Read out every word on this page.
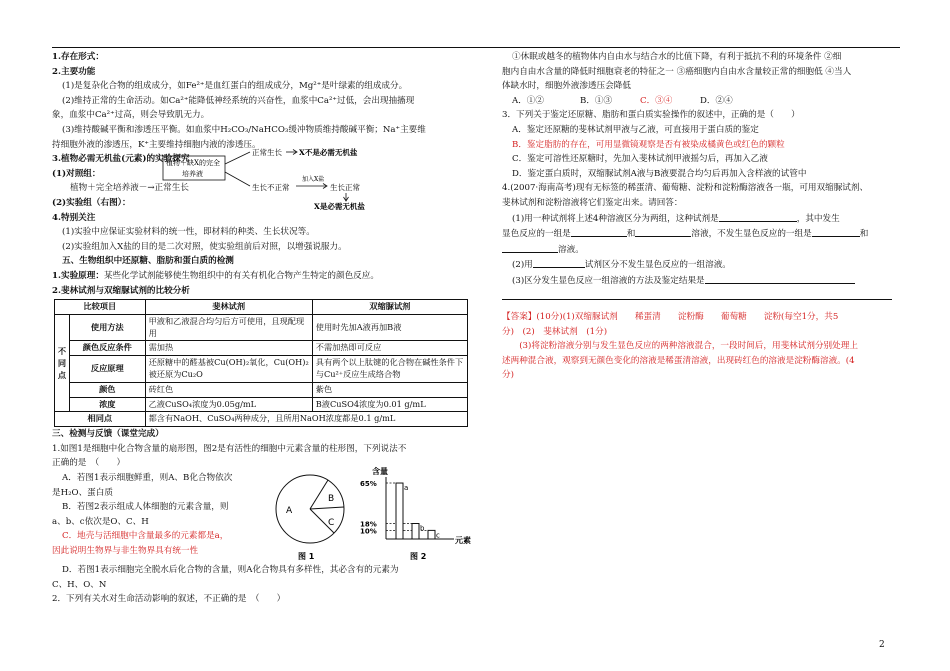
1.存在形式：
2.主要功能
(1)是复杂化合物的组成成分，如Fe²⁺是血红蛋白的组成成分，Mg²⁺是叶绿素的组成成分。
(2)维持正常的生命活动。如Ca²⁺能降低神经系统的兴奋性，血浆中Ca²⁺过低，会出现抽搐现
象，血浆中Ca²⁺过高，则会导致肌无力。
(3)维持酸碱平衡和渗透压平衡。如血浆中H₂CO₃/NaHCO₃缓冲物质维持酸碱平衡；Na⁺主要维
持细胞外液的渗透压，K⁺主要维持细胞内液的渗透压。
3.植物必需无机盐(元素)的实验探究
(1)对照组：
植物＋完全培养液－→正常生长
(2)实验组（右图）：
4.特别关注
(1)实验中应保证实验材料的统一性，即材料的种类、生长状况等。
(2)实验组加入X盐的目的是二次对照，使实验组前后对照，以增强说服力。
五、生物组织中还原糖、脂肪和蛋白质的检测
1.实验原理：某些化学试剂能够使生物组织中的有关有机化合物产生特定的颜色反应。
2.斐林试剂与双缩脲试剂的比较分析
比较项目		斐林试剂	双缩脲试剂
不
同
点	使用方法	甲液和乙液混合均匀后方可使用，且现配现用	使用时先加A液再加B液
	颜色反应条件	需加热	不需加热即可反应
	反应原理	还原糖中的醛基被Cu(OH)₂氧化，Cu(OH)₂被还原为Cu₂O	具有两个以上肽键的化合物在碱性条件下与Cu²⁺反应生成络合物
	颜色	砖红色	紫色
	浓度	乙液CuSO₄浓度为0.05g/mL	B液CuSO4浓度为0.01 g/mL
相同点		都含有NaOH、CuSO₄两种成分，且所用NaOH浓度都是0.1 g/mL	
三、检测与反馈（课堂完成）
1.如图1是细胞中化合物含量的扇形图，图2是有活性的细胞中元素含量的柱形图，下列说法不
正确的是　（　　）
A．若图1表示细胞鲜重，则A、B化合物依次
是H₂O、蛋白质
B．若图2表示组成人体细胞的元素含量，则
a、b、c依次是O、C、H
C．地壳与活细胞中含量最多的元素都是a，
因此说明生物界与非生物界具有统一性
A
B
C
图 1
含量
65%
18%
10%
a
b
c
元素
图 2
D．若图1表示细胞完全脱水后化合物的含量，则A化合物具有多样性，其必含有的元素为
C、H、O、N
2．下列有关水对生命活动影响的叙述，不正确的是　（　　）
植物＋缺X的完全
培养液
正常生长 X不是必需无机盐
生长不正常
加入X盐
生长正常
X是必需无机盐
①休眠或越冬的植物体内自由水与结合水的比值下降，有利于抵抗不利的环境条件 ②细
胞内自由水含量的降低时细胞衰老的特征之一 ③癌细胞内自由水含量较正常的细胞低 ④当人
体缺水时，细胞外液渗透压会降低
A．①②	B．①③	C．③④	D．②④
3．下列关于鉴定还原糖、脂肪和蛋白质实验操作的叙述中，正确的是（　　）
A．鉴定还原糖的斐林试剂甲液与乙液，可直接用于蛋白质的鉴定
B．鉴定脂肪的存在，可用显微镜观察是否有被染成橘黄色或红色的颗粒
C．鉴定可溶性还原糖时，先加入斐林试剂甲液摇匀后，再加入乙液
D．鉴定蛋白质时，双缩脲试剂A液与B液要混合均匀后再加入含样液的试管中
4.(2007·海南高考)现有无标签的稀蛋清、葡萄糖、淀粉和淀粉酶溶液各一瓶，可用双缩脲试剂、
斐林试剂和淀粉溶液将它们鉴定出来。请回答：
(1)用一种试剂将上述4种溶液区分为两组，这种试剂是	，其中发生
显色反应的一组是	和	溶液，不发生显色反应的一组是	和
溶液。
(2)用	试剂区分不发生显色反应的一组溶液。
(3)区分发生显色反应一组溶液的方法及鉴定结果是
【答案】(10分)(1)双缩脲试剂　　稀蛋清　　淀粉酶　　葡萄糖　　淀粉(每空1分，共5
分)　(2)　斐林试剂　(1分)
　　(3)将淀粉溶液分别与发生显色反应的两种溶液混合，一段时间后，用斐林试剂分别处理上
述两种混合液，观察到无颜色变化的溶液是稀蛋清溶液，出现砖红色的溶液是淀粉酶溶液。(4
分)
2
